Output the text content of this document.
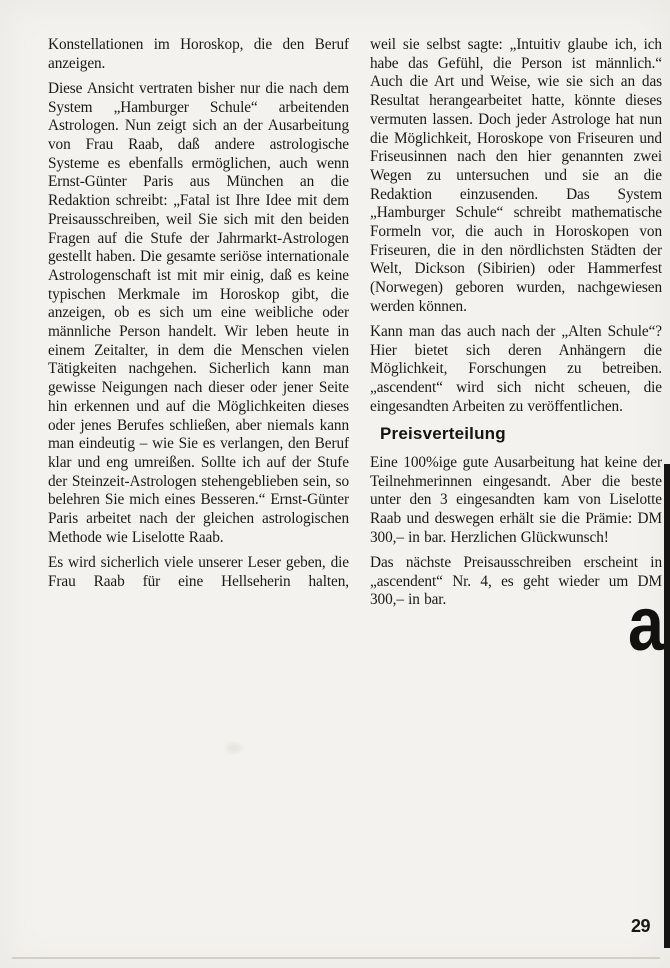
Konstellationen im Horoskop, die den Beruf anzeigen.

Diese Ansicht vertraten bisher nur die nach dem System „Hamburger Schule“ arbeitenden Astrologen. Nun zeigt sich an der Ausarbeitung von Frau Raab, daß andere astrologische Systeme es ebenfalls ermöglichen, auch wenn Ernst-Günter Paris aus München an die Redaktion schreibt: „Fatal ist Ihre Idee mit dem Preisausschreiben, weil Sie sich mit den beiden Fragen auf die Stufe der Jahrmarkt-Astrologen gestellt haben. Die gesamte seriöse internationale Astrologenschaft ist mit mir einig, daß es keine typischen Merkmale im Horoskop gibt, die anzeigen, ob es sich um eine weibliche oder männliche Person handelt. Wir leben heute in einem Zeitalter, in dem die Menschen vielen Tätigkeiten nachgehen. Sicherlich kann man gewisse Neigungen nach dieser oder jener Seite hin erkennen und auf die Möglichkeiten dieses oder jenes Berufes schließen, aber niemals kann man eindeutig – wie Sie es verlangen, den Beruf klar und eng umreißen. Sollte ich auf der Stufe der Steinzeit-Astrologen stehengeblieben sein, so belehren Sie mich eines Besseren.“ Ernst-Günter Paris arbeitet nach der gleichen astrologischen Methode wie Liselotte Raab.

Es wird sicherlich viele unserer Leser geben, die Frau Raab für eine Hellseherin halten,

weil sie selbst sagte: „Intuitiv glaube ich, ich habe das Gefühl, die Person ist männlich.“ Auch die Art und Weise, wie sie sich an das Resultat herangearbeitet hatte, könnte dieses vermuten lassen. Doch jeder Astrologe hat nun die Möglichkeit, Horoskope von Friseuren und Friseusinnen nach den hier genannten zwei Wegen zu untersuchen und sie an die Redaktion einzusenden. Das System „Hamburger Schule“ schreibt mathematische Formeln vor, die auch in Horoskopen von Friseuren, die in den nördlichsten Städten der Welt, Dickson (Sibirien) oder Hammerfest (Norwegen) geboren wurden, nachgewiesen werden können.

Kann man das auch nach der „Alten Schule“? Hier bietet sich deren Anhängern die Möglichkeit, Forschungen zu betreiben. „ascendent“ wird sich nicht scheuen, die eingesandten Arbeiten zu veröffentlichen.

Preisverteilung

Eine 100%ige gute Ausarbeitung hat keine der Teilnehmerinnen eingesandt. Aber die beste unter den 3 eingesandten kam von Liselotte Raab und deswegen erhält sie die Prämie: DM 300,– in bar. Herzlichen Glückwunsch!

Das nächste Preisausschreiben erscheint in „ascendent“ Nr. 4, es geht wieder um DM 300,– in bar.	a
29
